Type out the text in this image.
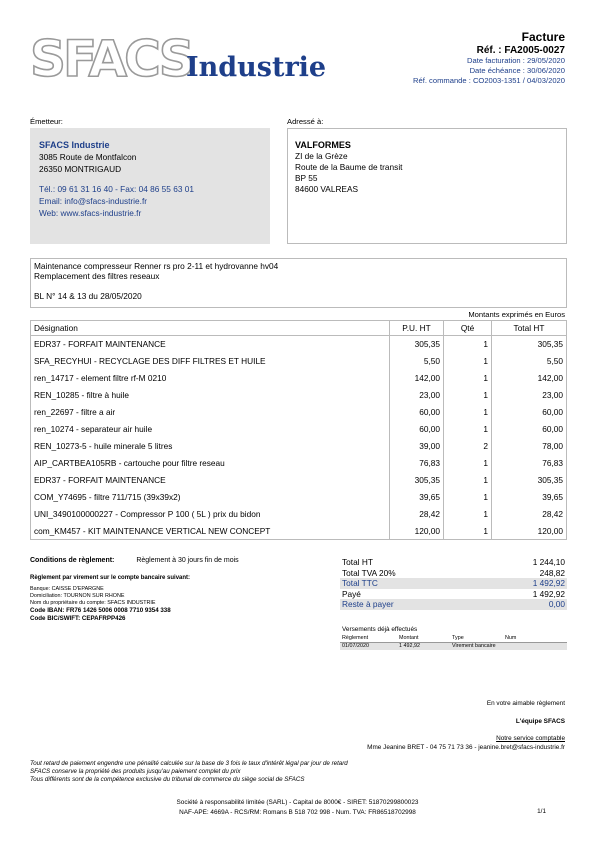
SFACS
Industrie
Facture
Réf. : FA2005-0027
Date facturation : 29/05/2020
Date échéance : 30/06/2020
Réf. commande : CO2003-1351 / 04/03/2020
Émetteur:	Adressé à:
SFACS Industrie
3085 Route de Montfalcon
26350 MONTRIGAUD
Tél.: 09 61 31 16 40 - Fax: 04 86 55 63 01
Email: info@sfacs-industrie.fr
Web: www.sfacs-industrie.fr
VALFORMES
ZI de la Grèze
Route de la Baume de transit
BP 55
84600 VALREAS
Maintenance compresseur Renner rs pro 2-11 et hydrovanne hv04
Remplacement des filtres reseaux
BL N° 14 & 13 du 28/05/2020
Montants exprimés en Euros
Désignation	P.U. HT	Qté	Total HT
EDR37 - FORFAIT MAINTENANCE	305,35	1	305,35
SFA_RECYHUI - RECYCLAGE DES DIFF FILTRES ET HUILE	5,50	1	5,50
ren_14717 - element filtre rf-M 0210	142,00	1	142,00
REN_10285 - filtre à huile	23,00	1	23,00
ren_22697 - filtre a air	60,00	1	60,00
ren_10274 - separateur air huile	60,00	1	60,00
REN_10273-5 - huile minerale 5 litres	39,00	2	78,00
AIP_CARTBEA105RB - cartouche pour filtre reseau	76,83	1	76,83
EDR37 - FORFAIT MAINTENANCE	305,35	1	305,35
COM_Y74695 - filtre 711/715 (39x39x2)	39,65	1	39,65
UNI_3490100000227 - Compressor P 100 ( 5L ) prix du bidon	28,42	1	28,42
com_KM457 - KIT MAINTENANCE VERTICAL NEW CONCEPT	120,00	1	120,00
Conditions de règlement:	Règlement à 30 jours fin de mois
Règlement par virement sur le compte bancaire suivant:
Banque: CAISSE D'EPARGNE
Domiciliation: TOURNON SUR RHONE
Nom du propriétaire du compte: SFACS INDUSTRIE
Code IBAN: FR76 1426 5006 0008 7710 9354 338
Code BIC/SWIFT: CEPAFRPP426
Total HT	1 244,10
Total TVA 20%	248,82
Total TTC	1 492,92
Payé	1 492,92
Reste à payer	0,00
Versements déjà effectués
Règlement	Montant	Type	Num
01/07/2020	1 492,92	Virement bancaire	
En votre aimable règlement
L'équipe SFACS
Notre service comptable
Mme Jeanine BRET - 04 75 71 73 36 - jeanine.bret@sfacs-industrie.fr
Tout retard de paiement engendre une pénalité calculée sur la base de 3 fois le taux d'intérêt légal par jour de retard
SFACS conserve la propriété des produits jusqu'au paiement complet du prix
Tous différents sont de la compétence exclusive du tribunal de commerce du siège social de SFACS
Société à responsabilité limitée (SARL) - Capital de 8000€ - SIRET: 51870299800023
NAF-APE: 4669A - RCS/RM: Romans B 518 702 998 - Num. TVA: FR86518702998	1/1
